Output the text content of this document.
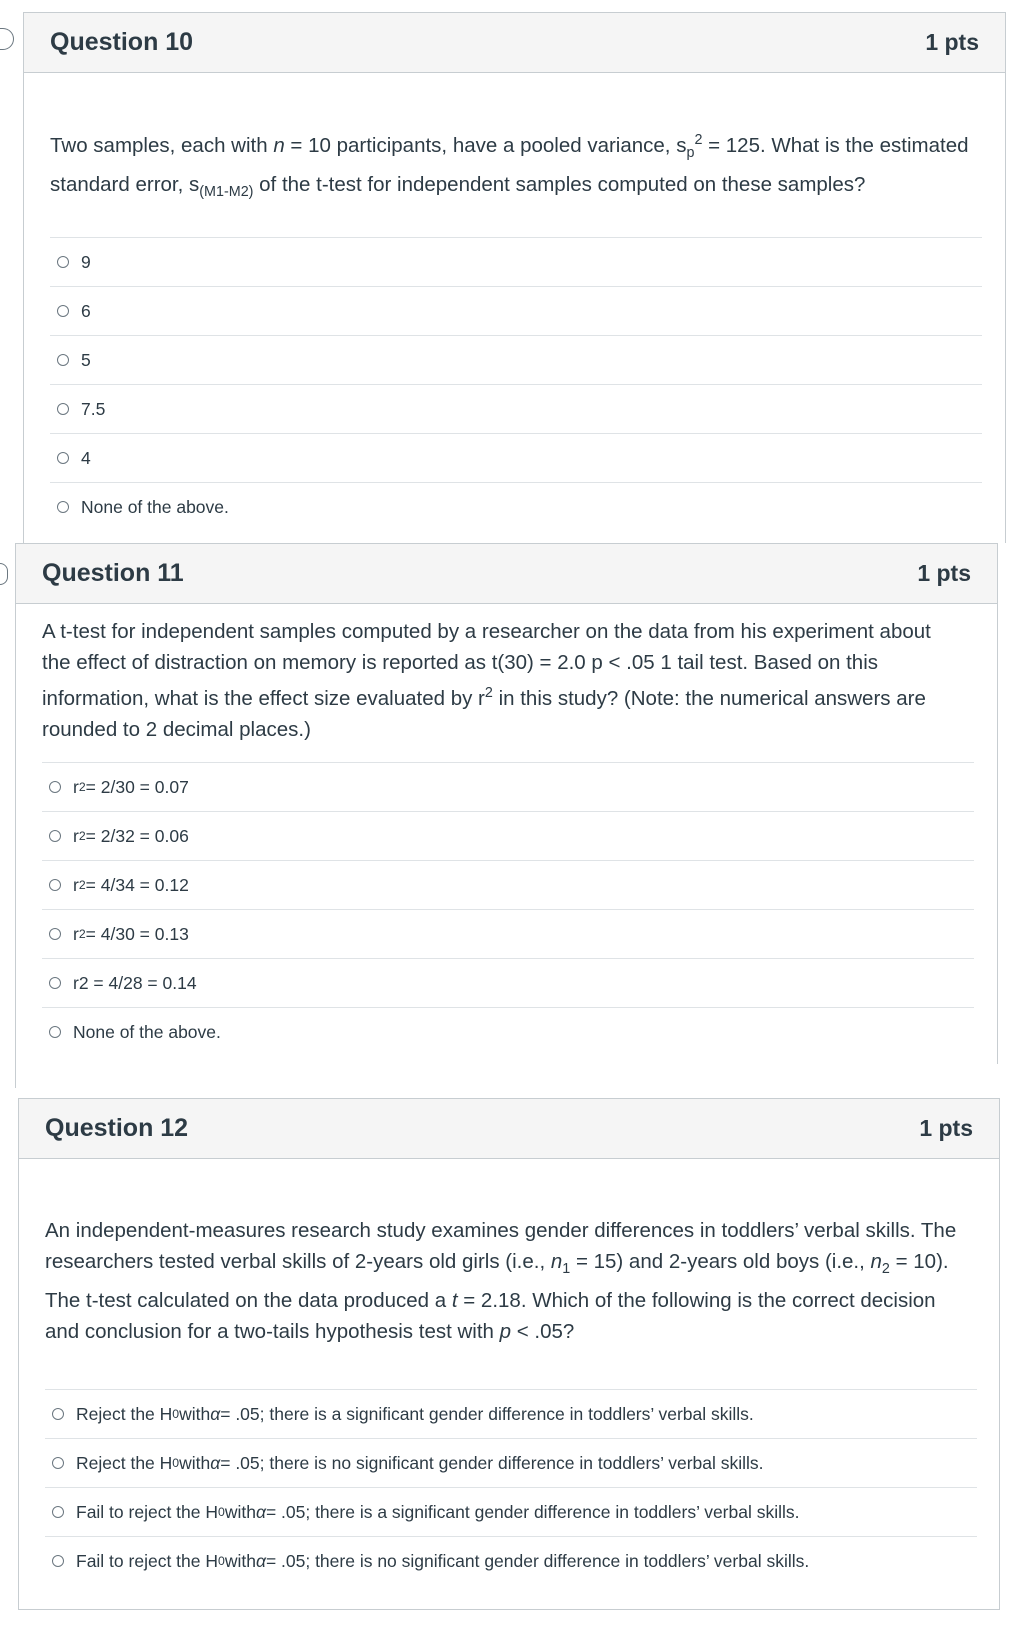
Question 10	1 pts
Two samples, each with n = 10 participants, have a pooled variance, $s_p^2 = 125$. What is the estimated standard error, $s_{(M1-M2)}$ of the t-test for independent samples computed on these samples?
9
6
5
7.5
4
None of the above.
Question 11	1 pts
A t-test for independent samples computed by a researcher on the data from his experiment about the effect of distraction on memory is reported as t(30) = 2.0 p < .05 1 tail test. Based on this information, what is the effect size evaluated by $r^2$ in this study? (Note: the numerical answers are rounded to 2 decimal places.)
r 2 = 2/30 = 0.07
r 2 = 2/32 = 0.06
r 2 = 4/34 = 0.12
r 2 = 4/30 = 0.13
r2 = 4/28 = 0.14
None of the above.
Question 12	1 pts
An independent-measures research study examines gender differences in toddlers’ verbal skills. The researchers tested verbal skills of 2-years old girls (i.e., $n_1 = 15$) and 2-years old boys (i.e., $n_2 = 10$). The t-test calculated on the data produced a t = 2.18. Which of the following is the correct decision and conclusion for a two-tails hypothesis test with p < .05?
Reject the H 0 with α = .05; there is a significant gender difference in toddlers’ verbal skills.
Reject the H 0 with α = .05; there is no significant gender difference in toddlers’ verbal skills.
Fail to reject the H 0 with α = .05; there is a significant gender difference in toddlers’ verbal skills.
Fail to reject the H 0 with α = .05; there is no significant gender difference in toddlers’ verbal skills.
